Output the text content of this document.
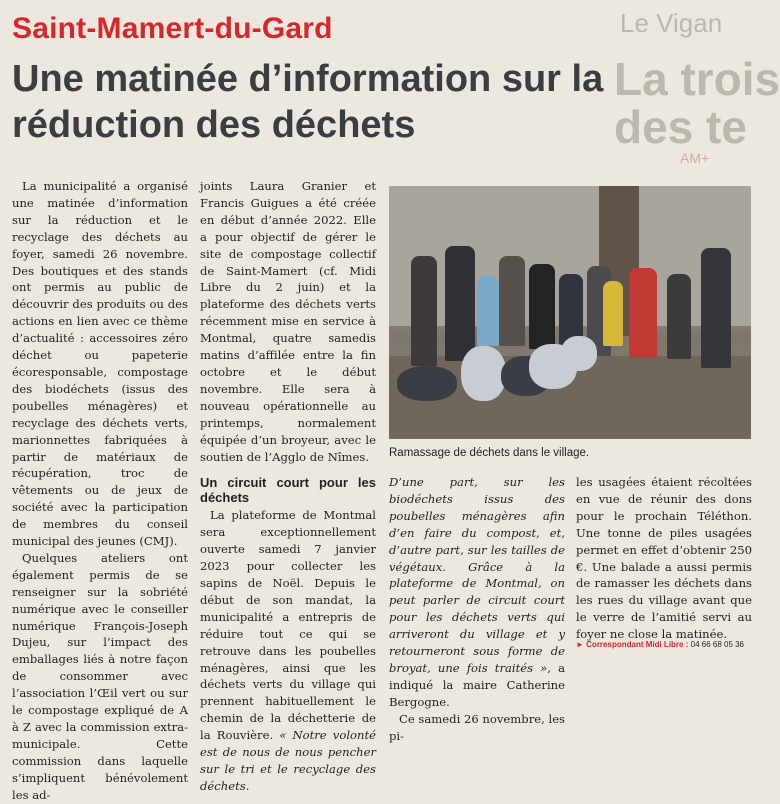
Le Vigan
La trois
des te
AM+
Saint-Mamert-du-Gard
Une matinée d’information sur la réduction des déchets

La municipalité a organisé une matinée d’information sur la réduction et le recyclage des déchets au foyer, samedi 26 novembre. Des boutiques et des stands ont permis au public de découvrir des produits ou des actions en lien avec ce thème d’actualité : accessoires zéro déchet ou papeterie écoresponsable, compostage des biodéchets (issus des poubelles ménagères) et recyclage des déchets verts, marionnettes fabriquées à partir de matériaux de récupération, troc de vêtements ou de jeux de société avec la participation de membres du conseil municipal des jeunes (CMJ).

Quelques ateliers ont également permis de se renseigner sur la sobriété numérique avec le conseiller numérique François-Joseph Dujeu, sur l’impact des emballages liés à notre façon de consommer avec l’association l’Œil vert ou sur le compostage expliqué de A à Z avec la commission extra-municipale. Cette commission dans laquelle s’impliquent bénévolement les ad-

joints Laura Granier et Francis Guigues a été créée en début d’année 2022. Elle a pour objectif de gérer le site de compostage collectif de Saint-Mamert (cf. Midi Libre du 2 juin) et la plateforme des déchets verts récemment mise en service à Montmal, quatre samedis matins d’affilée entre la fin octobre et le début novembre. Elle sera à nouveau opérationnelle au printemps, normalement équipée d’un broyeur, avec le soutien de l’Agglo de Nîmes.

Un circuit court pour les déchets

La plateforme de Montmal sera exceptionnellement ouverte samedi 7 janvier 2023 pour collecter les sapins de Noël. Depuis le début de son mandat, la municipalité a entrepris de réduire tout ce qui se retrouve dans les poubelles ménagères, ainsi que les déchets verts du village qui prennent habituellement le chemin de la déchetterie de la Rouvière. « Notre volonté est de nous de nous pencher sur le tri et le recyclage des déchets.

Ramassage de déchets dans le village.

D’une part, sur les biodéchets issus des poubelles ménagères afin d’en faire du compost, et, d’autre part, sur les tailles de végétaux. Grâce à la plateforme de Montmal, on peut parler de circuit court pour les déchets verts qui arriveront du village et y retourneront sous forme de broyat, une fois traités », a indiqué la maire Catherine Bergogne.

Ce samedi 26 novembre, les pi-

les usagées étaient récoltées en vue de réunir des dons pour le prochain Téléthon. Une tonne de piles usagées permet en effet d’obtenir 250 €. Une balade a aussi permis de ramasser les déchets dans les rues du village avant que le verre de l’amitié servi au foyer ne close la matinée.

► Correspondant Midi Libre : 04 66 68 05 36
